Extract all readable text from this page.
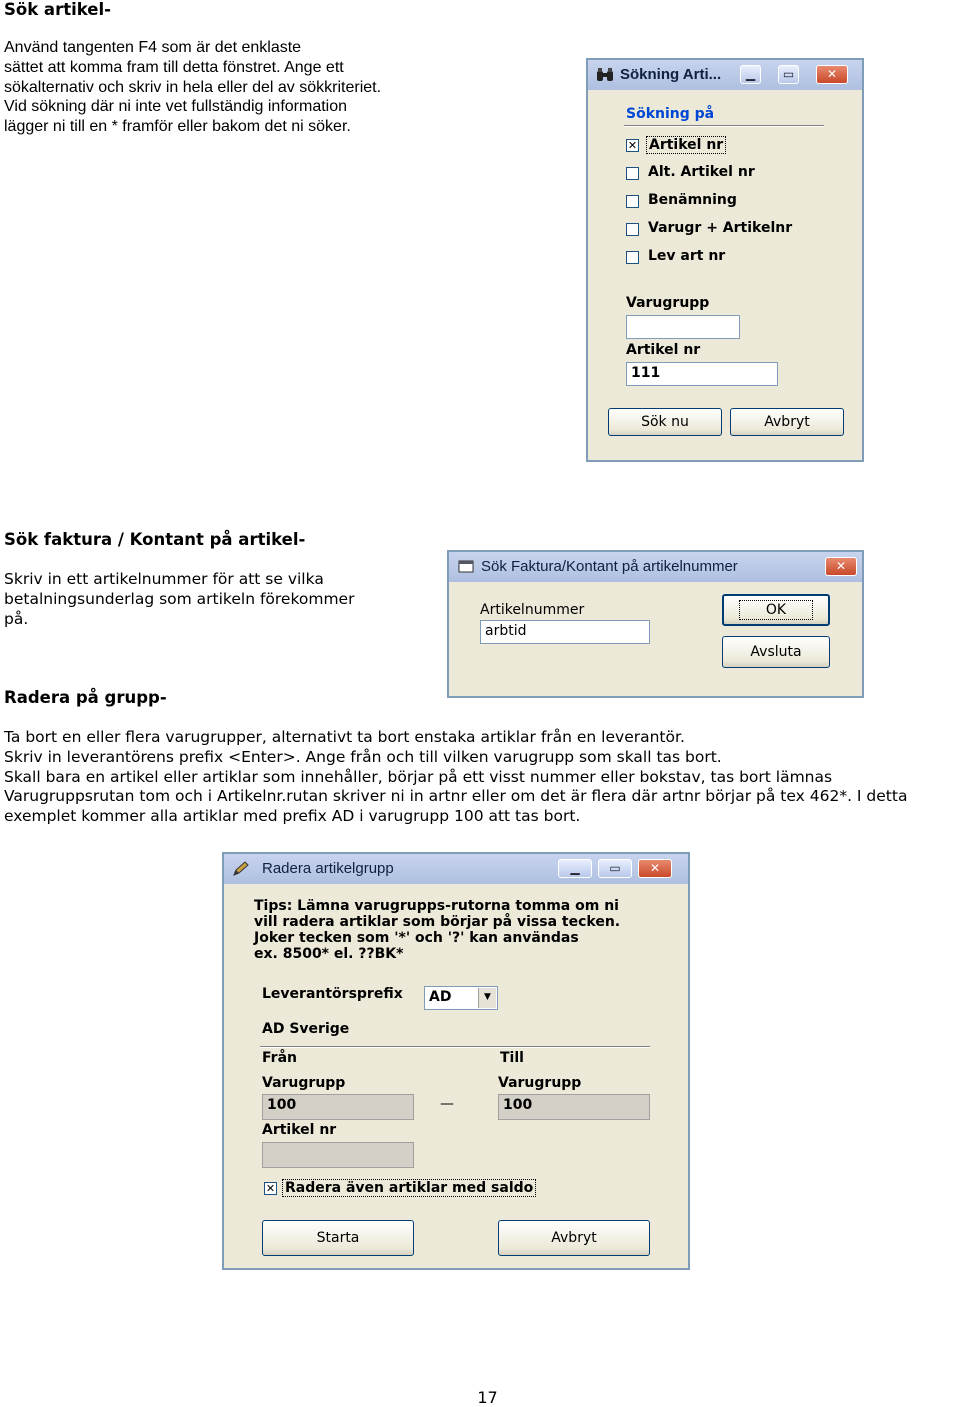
Sök artikel-
Använd tangenten F4 som är det enklaste
sättet att komma fram till detta fönstret. Ange ett
sökalternativ och skriv in hela eller del av sökkriteriet.
Vid sökning där ni inte vet fullständig information
lägger ni till en * framför eller bakom det ni söker.
Sökning Arti...	▁	▭	✕
Sökning på
✕ Artikel nr
Alt. Artikel nr
Benämning
Varugr + Artikelnr
Lev art nr
Varugrupp
Artikel nr
111
Sök nu	Avbryt
Sök faktura / Kontant på artikel-
Skriv in ett artikelnummer för att se vilka
betalningsunderlag som artikeln förekommer
på.
Sök Faktura/Kontant på artikelnummer	✕
Artikelnummer
arbtid
OK
Avsluta
Radera på grupp-
Ta bort en eller flera varugrupper, alternativt ta bort enstaka artiklar från en leverantör.
Skriv in leverantörens prefix <Enter>. Ange från och till vilken varugrupp som skall tas bort.
Skall bara en artikel eller artiklar som innehåller, börjar på ett visst nummer eller bokstav, tas bort lämnas
Varugruppsrutan tom och i Artikelnr.rutan skriver ni in artnr eller om det är flera där artnr börjar på tex 462*. I detta
exemplet kommer alla artiklar med prefix AD i varugrupp 100 att tas bort.
Radera artikelgrupp	▁	▭	✕
Tips: Lämna varugrupps-rutorna tomma om ni
vill radera artiklar som börjar på vissa tecken.
Joker tecken som '*' och '?' kan användas
ex. 8500* el. ??BK*
Leverantörsprefix	AD	▼
AD Sverige
Från	Till
Varugrupp
100	—
Varugrupp
100
Artikel nr
✕ Radera även artiklar med saldo
Starta	Avbryt
17
